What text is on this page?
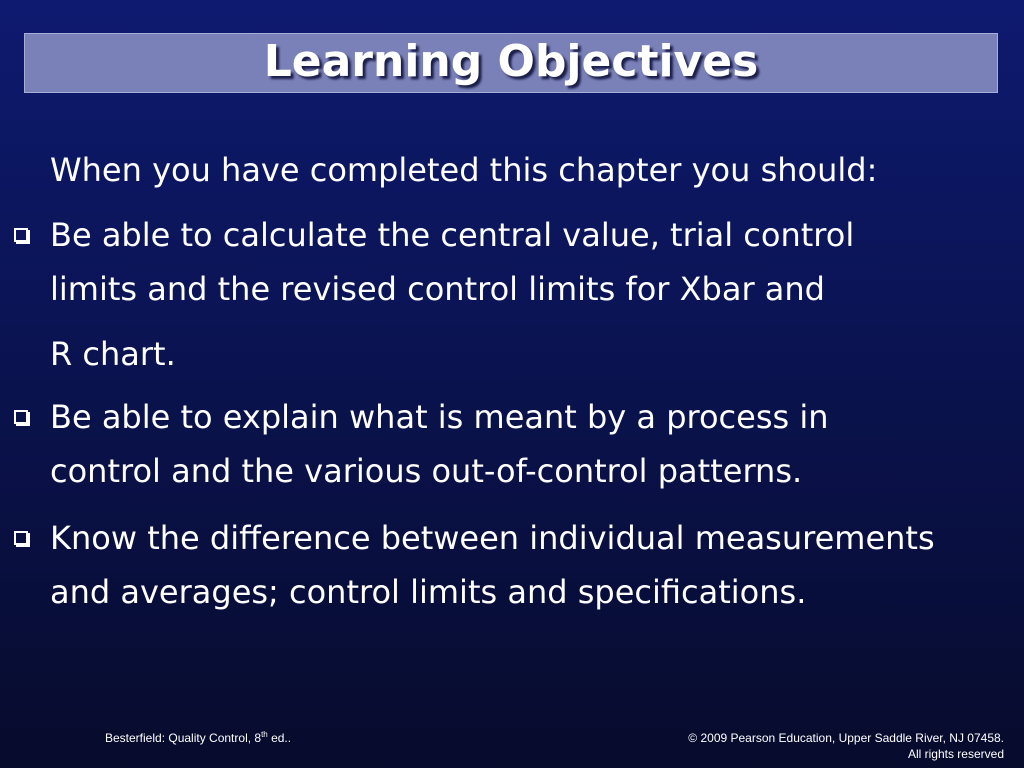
Learning Objectives
When you have completed this chapter you should:
Be able to calculate the central value, trial control
limits and the revised control limits for Xbar and
R chart.
Be able to explain what is meant by a process in
control and the various out-of-control patterns.
Know the difference between individual measurements
and averages; control limits and specifications.
Besterfield: Quality Control, 8th ed..	© 2009 Pearson Education, Upper Saddle River, NJ 07458.
All rights reserved
